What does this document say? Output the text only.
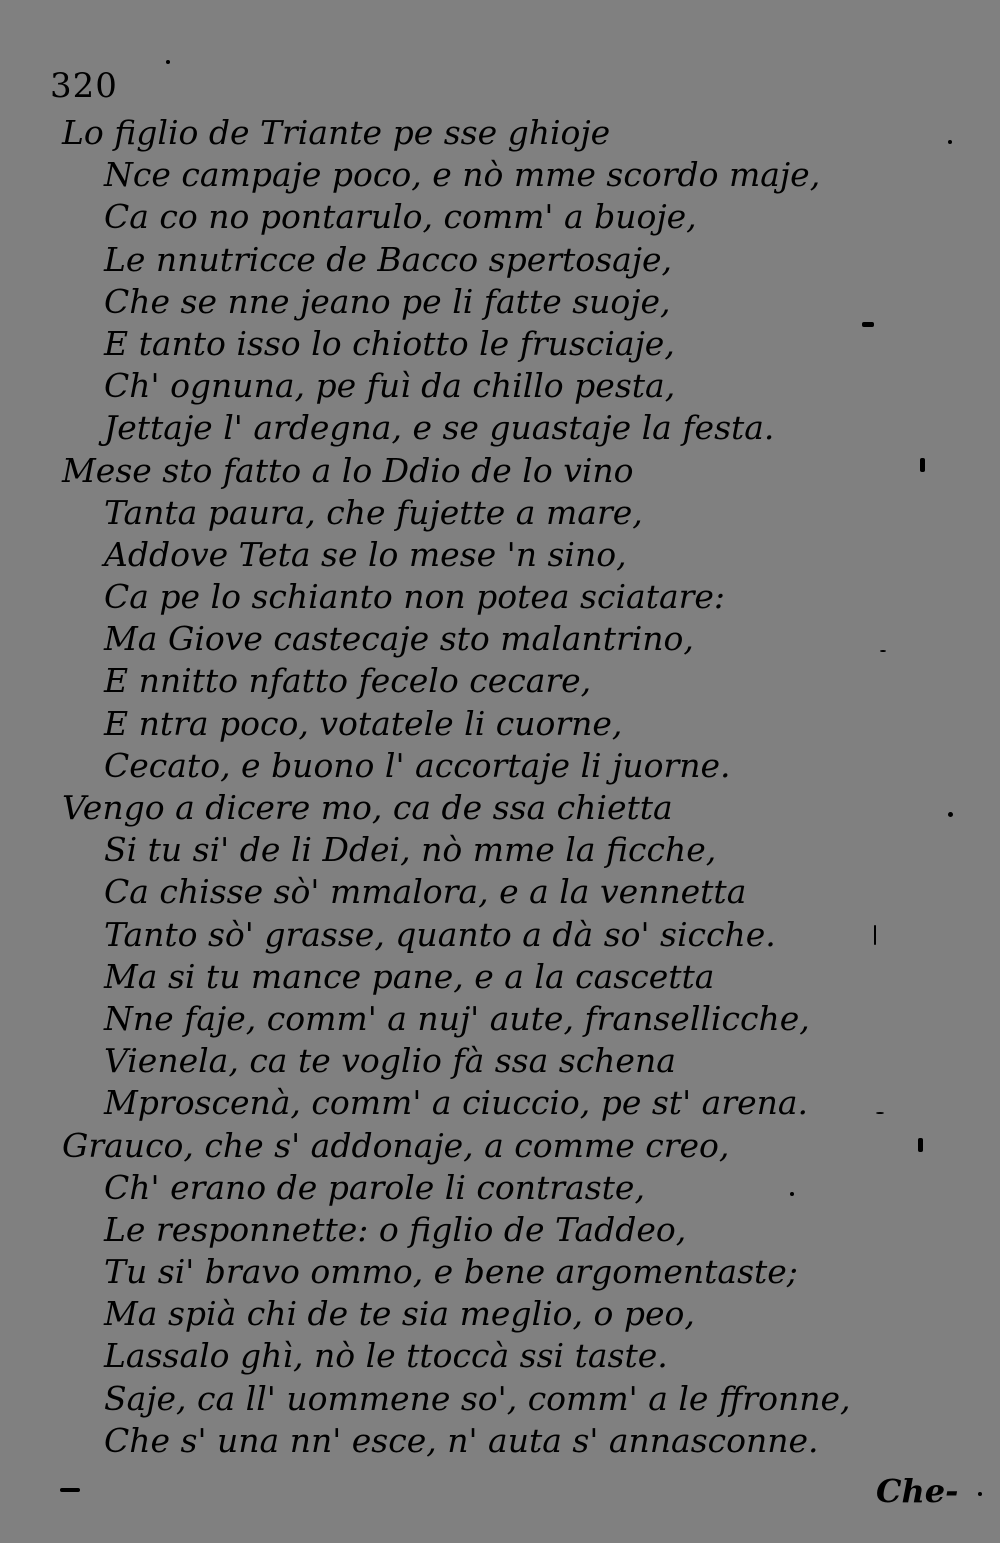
320
Lo figlio de Triante pe sse ghioje
Nce campaje poco, e nò mme scordo maje,
Ca co no pontarulo, comm' a buoje,
Le nnutricce de Bacco spertosaje,
Che se nne jeano pe li fatte suoje,
E tanto isso lo chiotto le frusciaje,
Ch' ognuna, pe fuì da chillo pesta,
Jettaje l' ardegna, e se guastaje la festa.
Mese sto fatto a lo Ddio de lo vino
Tanta paura, che fujette a mare,
Addove Teta se lo mese 'n sino,
Ca pe lo schianto non potea sciatare:
Ma Giove castecaje sto malantrino,
E nnitto nfatto fecelo cecare,
E ntra poco, votatele li cuorne,
Cecato, e buono l' accortaje li juorne.
Vengo a dicere mo, ca de ssa chietta
Si tu si' de li Ddei, nò mme la ficche,
Ca chisse sò' mmalora, e a la vennetta
Tanto sò' grasse, quanto a dà so' sicche.
Ma si tu mance pane, e a la cascetta
Nne faje, comm' a nuj' aute, fransellicche,
Vienela, ca te voglio fà ssa schena
Mproscenà, comm' a ciuccio, pe st' arena.
Grauco, che s' addonaje, a comme creo,
Ch' erano de parole li contraste,
Le responnette: o figlio de Taddeo,
Tu si' bravo ommo, e bene argomentaste;
Ma spià chi de te sia meglio, o peo,
Lassalo ghì, nò le ttoccà ssi taste.
Saje, ca ll' uommene so', comm' a le ffronne,
Che s' una nn' esce, n' auta s' annasconne.
Che-
